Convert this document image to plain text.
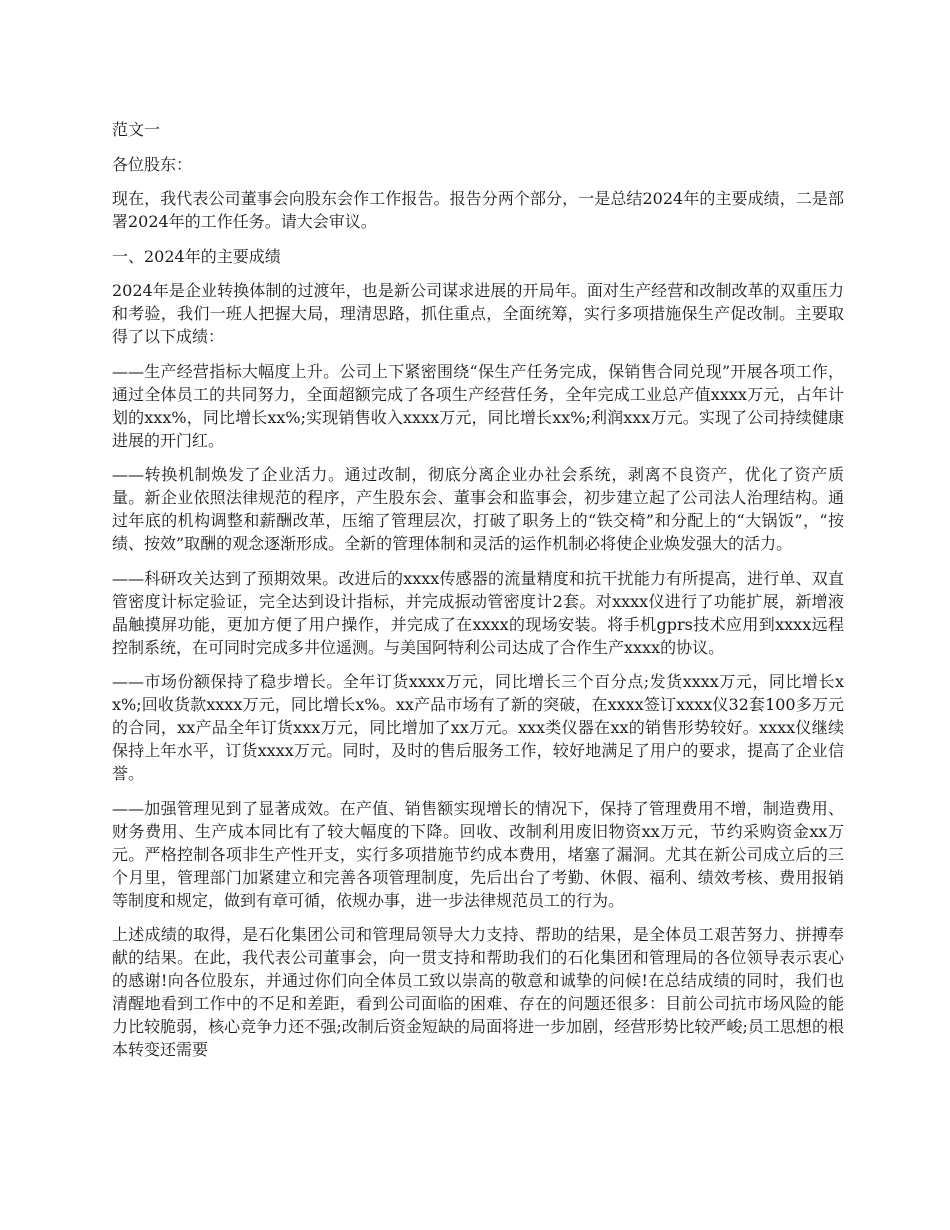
范文一

各位股东：

现在，我代表公司董事会向股东会作工作报告。报告分两个部分，一是总结2024年的主要成绩，二是部署2024年的工作任务。请大会审议。

一、2024年的主要成绩

2024年是企业转换体制的过渡年，也是新公司谋求进展的开局年。面对生产经营和改制改革的双重压力和考验，我们一班人把握大局，理清思路，抓住重点，全面统筹，实行多项措施保生产促改制。主要取得了以下成绩：

——生产经营指标大幅度上升。公司上下紧密围绕“保生产任务完成，保销售合同兑现”开展各项工作，通过全体员工的共同努力，全面超额完成了各项生产经营任务，全年完成工业总产值xxxx万元，占年计划的xxx%，同比增长xx%;实现销售收入xxxx万元，同比增长xx%;利润xxx万元。实现了公司持续健康进展的开门红。

——转换机制焕发了企业活力。通过改制，彻底分离企业办社会系统，剥离不良资产，优化了资产质量。新企业依照法律规范的程序，产生股东会、董事会和监事会，初步建立起了公司法人治理结构。通过年底的机构调整和薪酬改革，压缩了管理层次，打破了职务上的“铁交椅”和分配上的“大锅饭”，“按绩、按效”取酬的观念逐渐形成。全新的管理体制和灵活的运作机制必将使企业焕发强大的活力。

——科研攻关达到了预期效果。改进后的xxxx传感器的流量精度和抗干扰能力有所提高，进行单、双直管密度计标定验证，完全达到设计指标，并完成振动管密度计2套。对xxxx仪进行了功能扩展，新增液晶触摸屏功能，更加方便了用户操作，并完成了在xxxx的现场安装。将手机gprs技术应用到xxxx远程控制系统，在可同时完成多井位遥测。与美国阿特利公司达成了合作生产xxxx的协议。

——市场份额保持了稳步增长。全年订货xxxx万元，同比增长三个百分点;发货xxxx万元，同比增长xx%;回收货款xxxx万元，同比增长x%。xx产品市场有了新的突破，在xxxx签订xxxx仪32套100多万元的合同，xx产品全年订货xxx万元，同比增加了xx万元。xxx类仪器在xx的销售形势较好。xxxx仪继续保持上年水平，订货xxxx万元。同时，及时的售后服务工作，较好地满足了用户的要求，提高了企业信誉。

——加强管理见到了显著成效。在产值、销售额实现增长的情况下，保持了管理费用不增，制造费用、财务费用、生产成本同比有了较大幅度的下降。回收、改制利用废旧物资xx万元，节约采购资金xx万元。严格控制各项非生产性开支，实行多项措施节约成本费用，堵塞了漏洞。尤其在新公司成立后的三个月里，管理部门加紧建立和完善各项管理制度，先后出台了考勤、休假、福利、绩效考核、费用报销等制度和规定，做到有章可循，依规办事，进一步法律规范员工的行为。

上述成绩的取得，是石化集团公司和管理局领导大力支持、帮助的结果，是全体员工艰苦努力、拼搏奉献的结果。在此，我代表公司董事会，向一贯支持和帮助我们的石化集团和管理局的各位领导表示衷心的感谢!向各位股东，并通过你们向全体员工致以崇高的敬意和诚挚的问候!在总结成绩的同时，我们也清醒地看到工作中的不足和差距，看到公司面临的困难、存在的问题还很多：目前公司抗市场风险的能力比较脆弱，核心竞争力还不强;改制后资金短缺的局面将进一步加剧，经营形势比较严峻;员工思想的根本转变还需要
